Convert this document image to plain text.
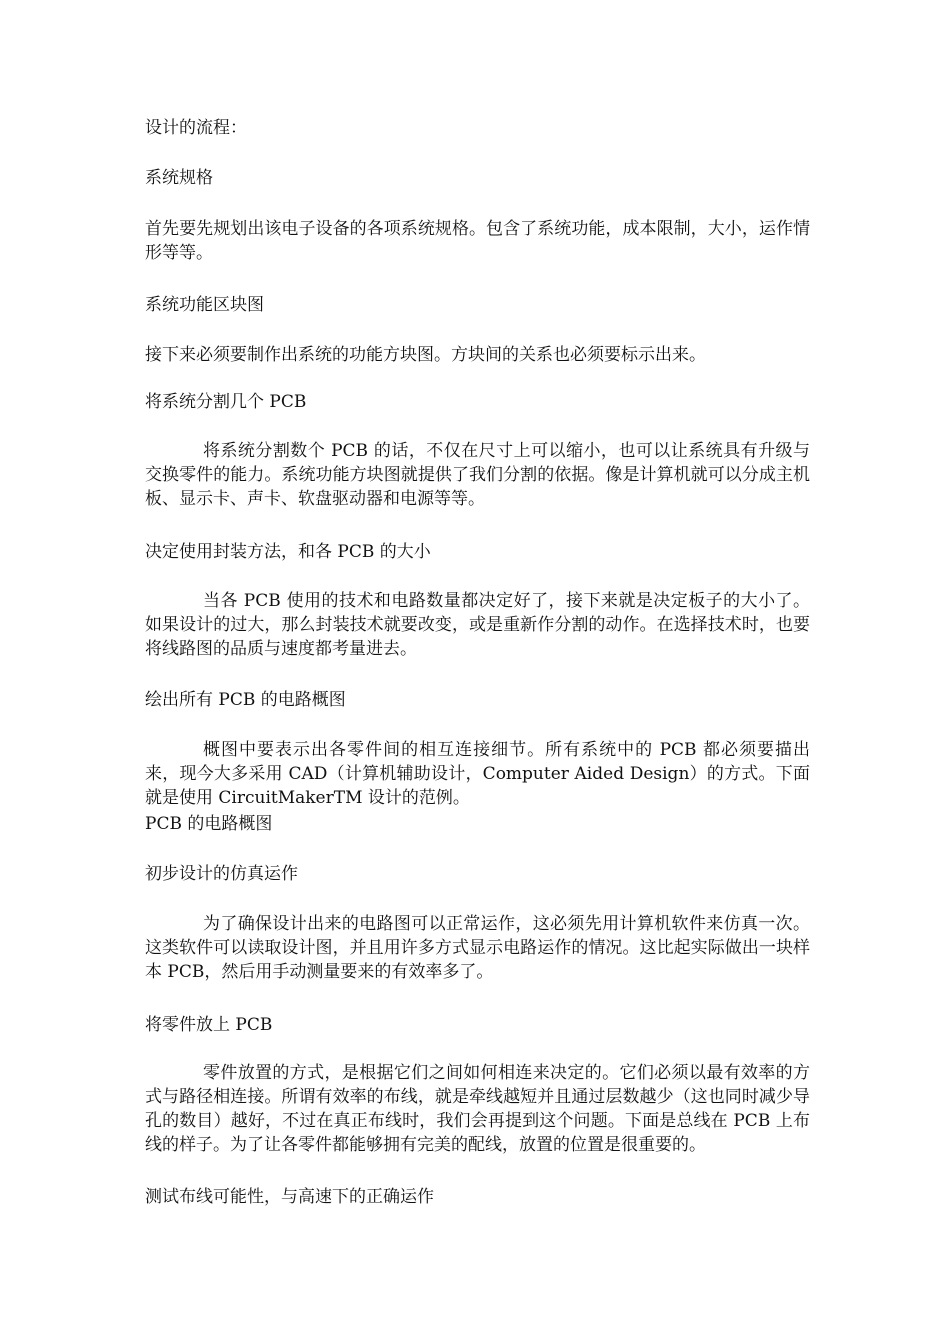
设计的流程：

系统规格

首先要先规划出该电子设备的各项系统规格。包含了系统功能，成本限制，大小，运作情形等等。

系统功能区块图

接下来必须要制作出系统的功能方块图。方块间的关系也必须要标示出来。

将系统分割几个 PCB

将系统分割数个 PCB 的话，不仅在尺寸上可以缩小，也可以让系统具有升级与交换零件的能力。系统功能方块图就提供了我们分割的依据。像是计算机就可以分成主机板、显示卡、声卡、软盘驱动器和电源等等。

决定使用封装方法，和各 PCB 的大小

当各 PCB 使用的技术和电路数量都决定好了，接下来就是决定板子的大小了。如果设计的过大，那么封装技术就要改变，或是重新作分割的动作。在选择技术时，也要将线路图的品质与速度都考量进去。

绘出所有 PCB 的电路概图

概图中要表示出各零件间的相互连接细节。所有系统中的 PCB 都必须要描出来，现今大多采用 CAD（计算机辅助设计，Computer Aided Design）的方式。下面就是使用 CircuitMakerTM 设计的范例。

PCB 的电路概图

初步设计的仿真运作

为了确保设计出来的电路图可以正常运作，这必须先用计算机软件来仿真一次。这类软件可以读取设计图，并且用许多方式显示电路运作的情况。这比起实际做出一块样本 PCB，然后用手动测量要来的有效率多了。

将零件放上 PCB

零件放置的方式，是根据它们之间如何相连来决定的。它们必须以最有效率的方式与路径相连接。所谓有效率的布线，就是牵线越短并且通过层数越少（这也同时减少导孔的数目）越好，不过在真正布线时，我们会再提到这个问题。下面是总线在 PCB 上布线的样子。为了让各零件都能够拥有完美的配线，放置的位置是很重要的。

测试布线可能性，与高速下的正确运作
